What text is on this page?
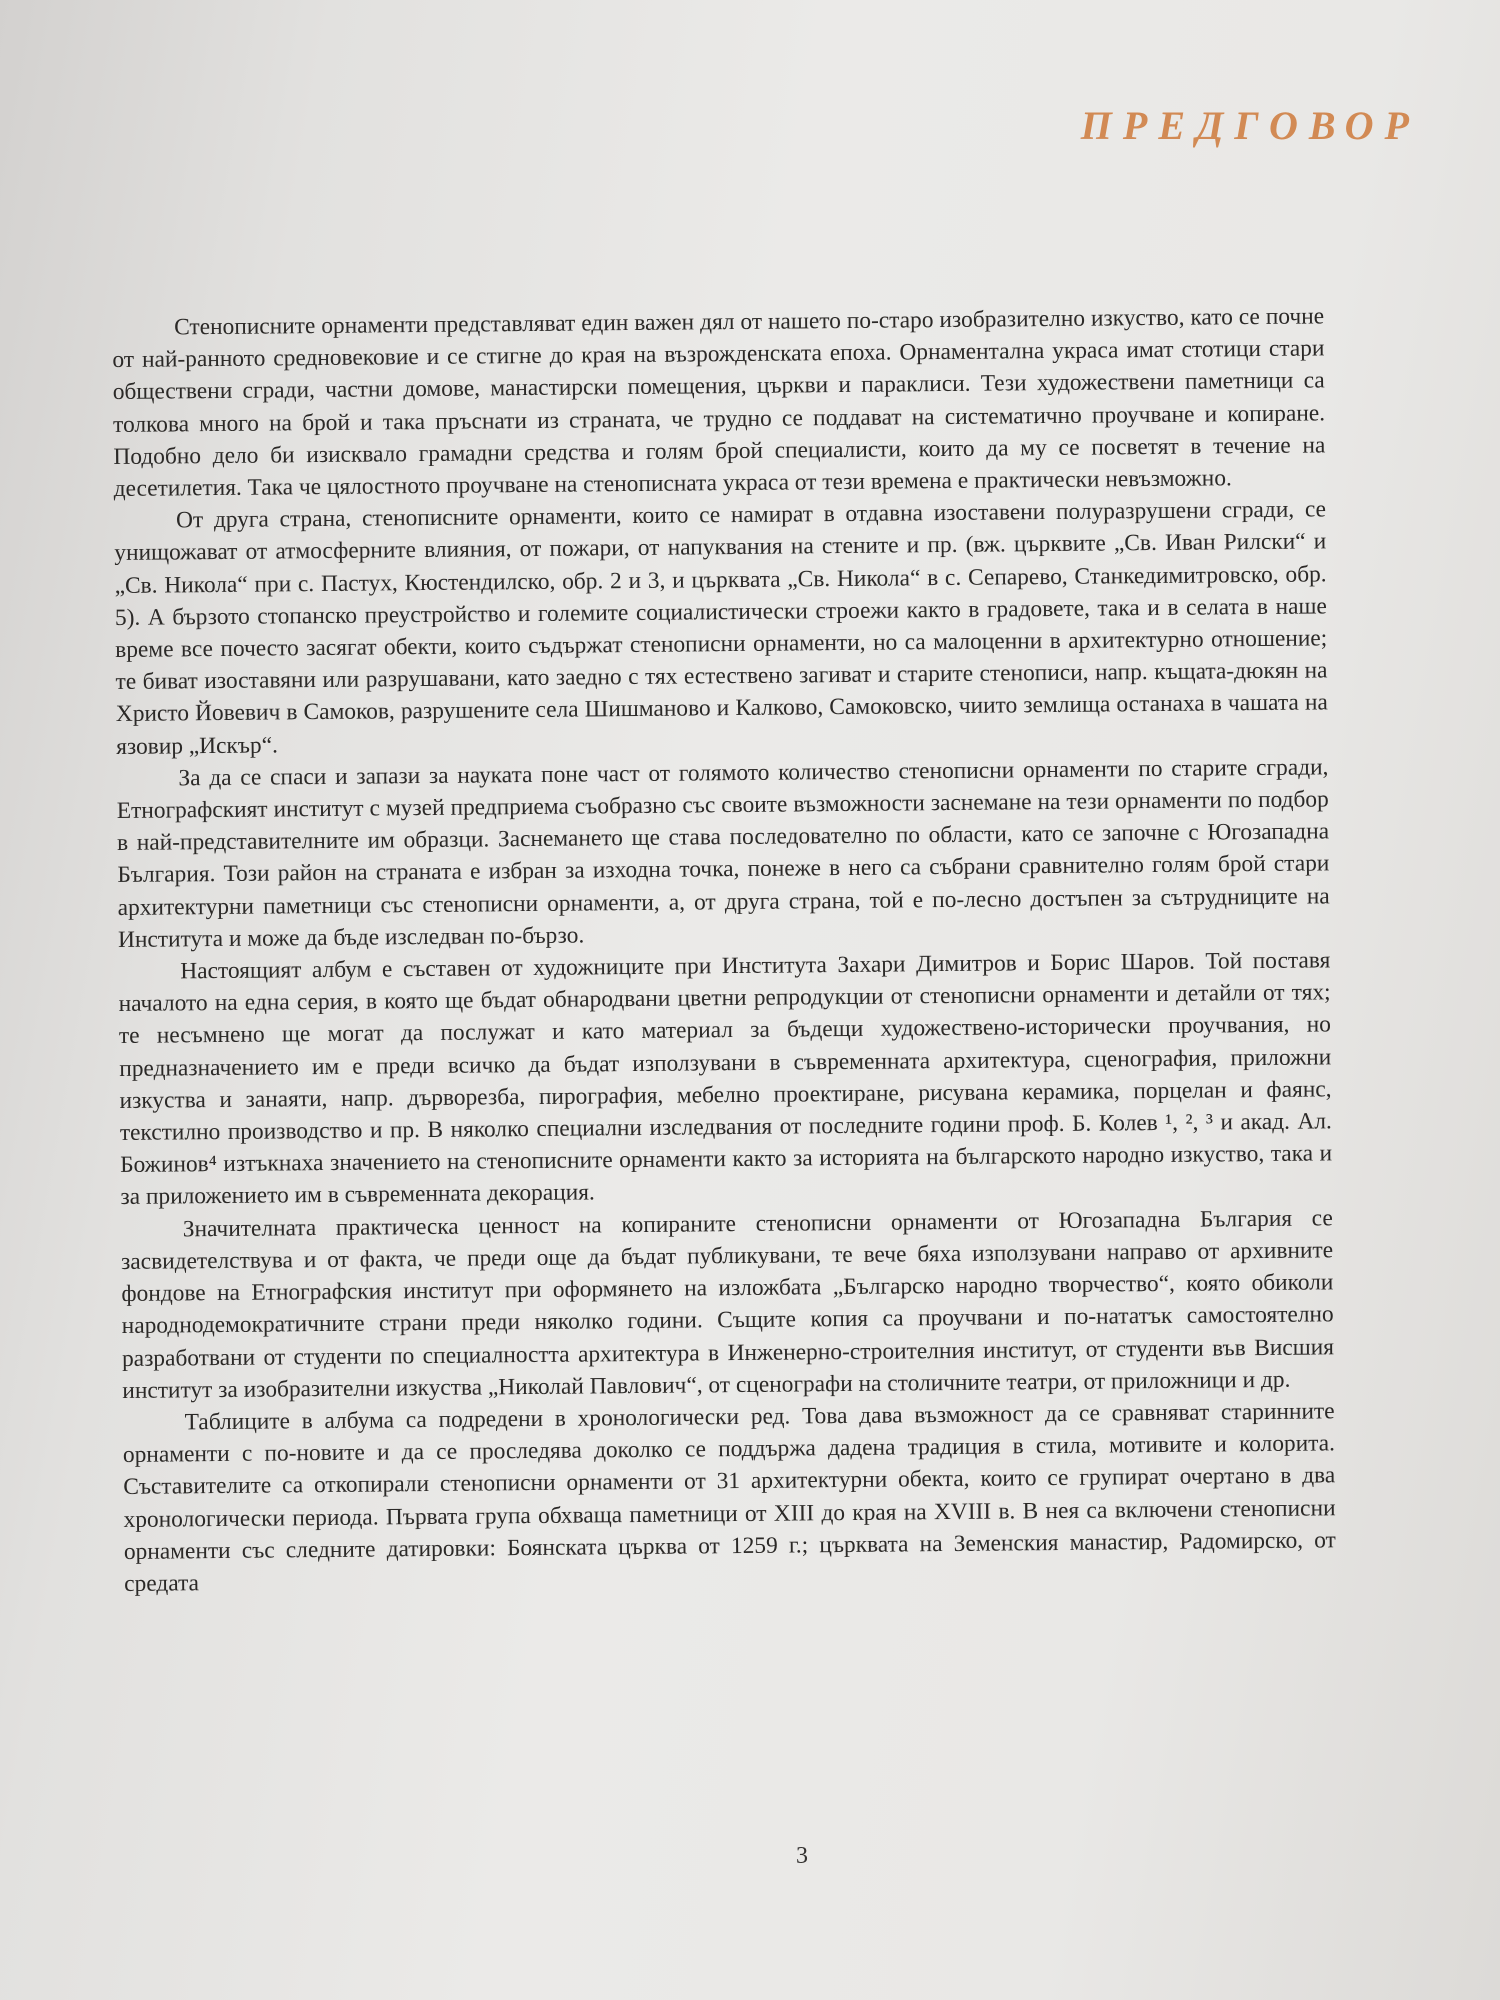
ПРЕДГОВОР

Стенописните орнаменти представляват един важен дял от нашето по-старо изобразително изкуство, като се почне от най-ранното средновековие и се стигне до края на възрожденската епоха. Орнаментална украса имат стотици стари обществени сгради, частни домове, манастирски помещения, църкви и параклиси. Тези художествени паметници са толкова много на брой и така пръснати из страната, че трудно се поддават на систематично проучване и копиране. Подобно дело би изисквало грамадни средства и голям брой специалисти, които да му се посветят в течение на десетилетия. Така че цялостното проучване на стенописната украса от тези времена е практически невъзможно.

От друга страна, стенописните орнаменти, които се намират в отдавна изоставени полуразрушени сгради, се унищожават от атмосферните влияния, от пожари, от напуквания на стените и пр. (вж. църквите „Св. Иван Рилски“ и „Св. Никола“ при с. Пастух, Кюстендилско, обр. 2 и 3, и църквата „Св. Никола“ в с. Сепарево, Станкедимитровско, обр. 5). А бързото стопанско преустройство и големите социалистически строежи както в градовете, така и в селата в наше време все почесто засягат обекти, които съдържат стенописни орнаменти, но са малоценни в архитектурно отношение; те биват изоставяни или разрушавани, като заедно с тях естествено загиват и старите стенописи, напр. къщата-дюкян на Христо Йовевич в Самоков, разрушените села Шишманово и Калково, Самоковско, чиито землища останаха в чашата на язовир „Искър“.

За да се спаси и запази за науката поне част от голямото количество стенописни орнаменти по старите сгради, Етнографският институт с музей предприема съобразно със своите възможности заснемане на тези орнаменти по подбор в най-представителните им образци. Заснемането ще става последователно по области, като се започне с Югозападна България. Този район на страната е избран за изходна точка, понеже в него са събрани сравнително голям брой стари архитектурни паметници със стенописни орнаменти, а, от друга страна, той е по-лесно достъпен за сътрудниците на Института и може да бъде изследван по-бързо.

Настоящият албум е съставен от художниците при Института Захари Димитров и Борис Шаров. Той поставя началото на една серия, в която ще бъдат обнародвани цветни репродукции от стенописни орнаменти и детайли от тях; те несъмнено ще могат да послужат и като материал за бъдещи художествено-исторически проучвания, но предназначението им е преди всичко да бъдат използувани в съвременната архитектура, сценография, приложни изкуства и занаяти, напр. дърворезба, пирография, мебелно проектиране, рисувана керамика, порцелан и фаянс, текстилно производство и пр. В няколко специални изследвания от последните години проф. Б. Колев ¹, ², ³ и акад. Ал. Божинов⁴ изтъкнаха значението на стенописните орнаменти както за историята на българското народно изкуство, така и за приложението им в съвременната декорация.

Значителната практическа ценност на копираните стенописни орнаменти от Югозападна България се засвидетелствува и от факта, че преди още да бъдат публикувани, те вече бяха използувани направо от архивните фондове на Етнографския институт при оформянето на изложбата „Българско народно творчество“, която обиколи народнодемократичните страни преди няколко години. Същите копия са проучвани и по-нататък самостоятелно разработвани от студенти по специалността архитектура в Инженерно-строителния институт, от студенти във Висшия институт за изобразителни изкуства „Николай Павлович“, от сценографи на столичните театри, от приложници и др.

Таблиците в албума са подредени в хронологически ред. Това дава възможност да се сравняват старинните орнаменти с по-новите и да се проследява доколко се поддържа дадена традиция в стила, мотивите и колорита. Съставителите са откопирали стенописни орнаменти от 31 архитектурни обекта, които се групират очертано в два хронологически периода. Първата група обхваща паметници от XIII до края на XVIII в. В нея са включени стенописни орнаменти със следните датировки: Боянската църква от 1259 г.; църквата на Земенския манастир, Радомирско, от средата

3
